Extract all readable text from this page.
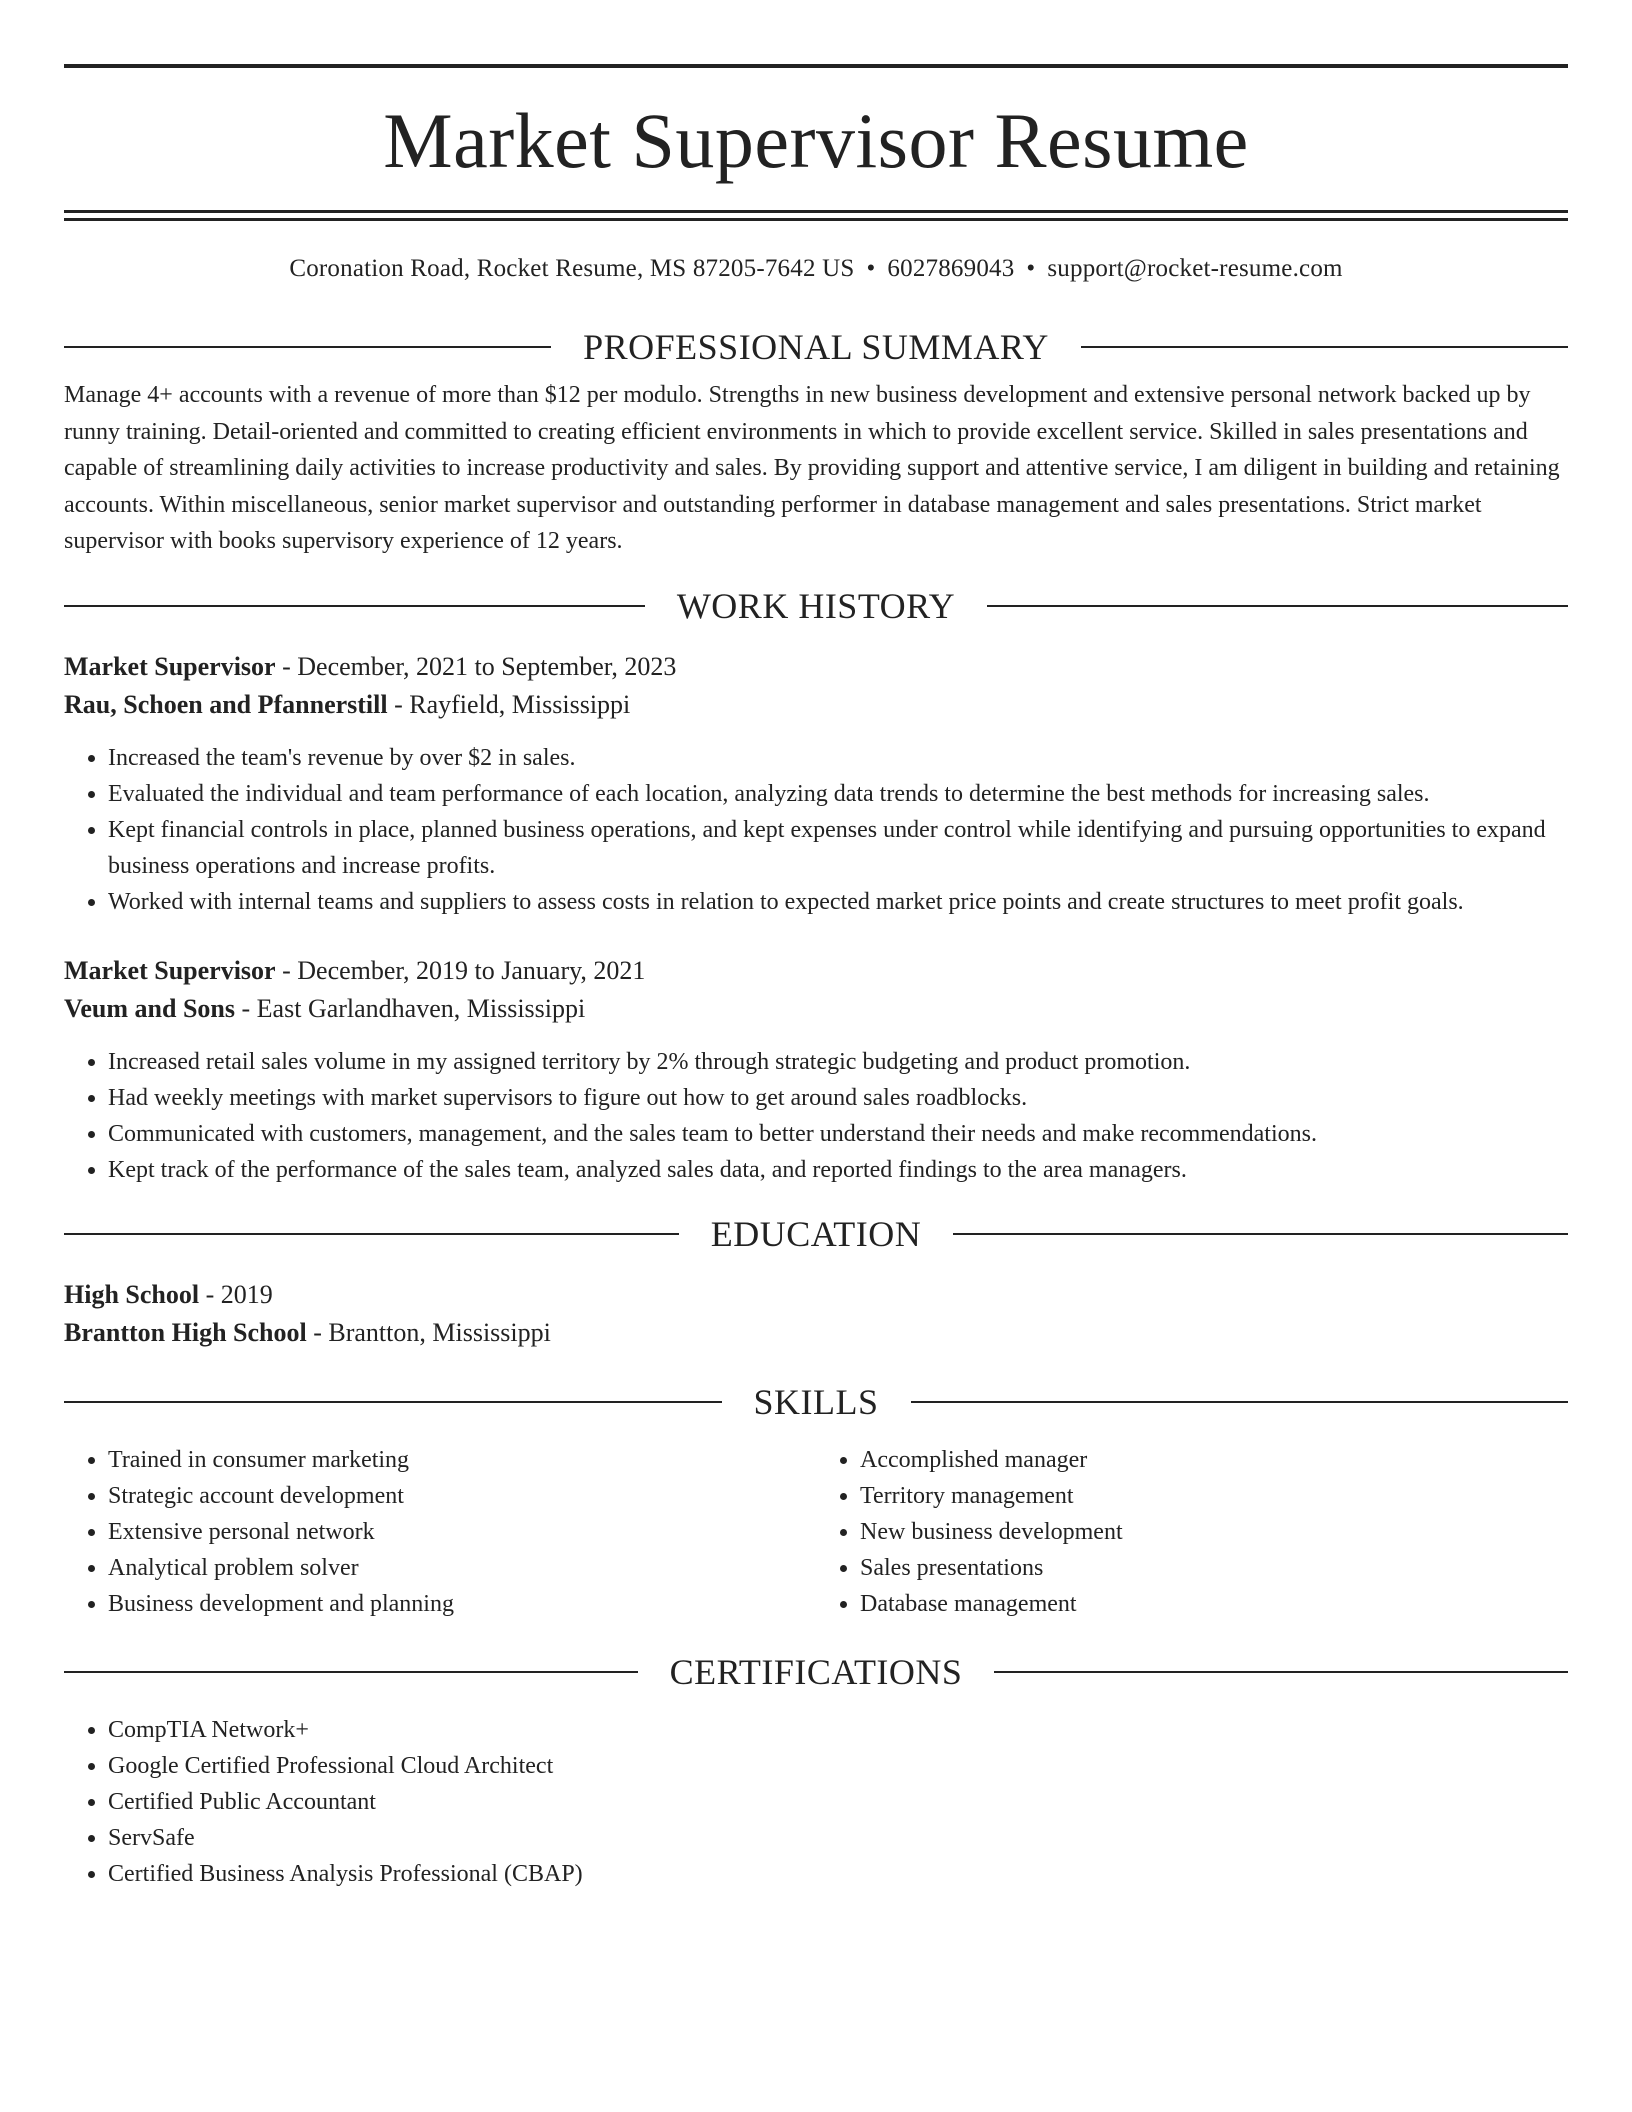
Market Supervisor Resume
Coronation Road, Rocket Resume, MS 87205-7642 US • 6027869043 • support@rocket-resume.com
PROFESSIONAL SUMMARY

Manage 4+ accounts with a revenue of more than $12 per modulo. Strengths in new business development and extensive personal network backed up by runny training. Detail-oriented and committed to creating efficient environments in which to provide excellent service. Skilled in sales presentations and capable of streamlining daily activities to increase productivity and sales. By providing support and attentive service, I am diligent in building and retaining accounts. Within miscellaneous, senior market supervisor and outstanding performer in database management and sales presentations. Strict market supervisor with books supervisory experience of 12 years.

WORK HISTORY
Market Supervisor - December, 2021 to September, 2023
Rau, Schoen and Pfannerstill - Rayfield, Mississippi
• Increased the team's revenue by over $2 in sales.
• Evaluated the individual and team performance of each location, analyzing data trends to determine the best methods for increasing sales.
• Kept financial controls in place, planned business operations, and kept expenses under control while identifying and pursuing opportunities to expand business operations and increase profits.
• Worked with internal teams and suppliers to assess costs in relation to expected market price points and create structures to meet profit goals.
Market Supervisor - December, 2019 to January, 2021
Veum and Sons - East Garlandhaven, Mississippi
• Increased retail sales volume in my assigned territory by 2% through strategic budgeting and product promotion.
• Had weekly meetings with market supervisors to figure out how to get around sales roadblocks.
• Communicated with customers, management, and the sales team to better understand their needs and make recommendations.
• Kept track of the performance of the sales team, analyzed sales data, and reported findings to the area managers.
EDUCATION
High School - 2019
Brantton High School - Brantton, Mississippi
SKILLS
• Trained in consumer marketing
• Strategic account development
• Extensive personal network
• Analytical problem solver
• Business development and planning
• Accomplished manager
• Territory management
• New business development
• Sales presentations
• Database management
CERTIFICATIONS
• CompTIA Network+
• Google Certified Professional Cloud Architect
• Certified Public Accountant
• ServSafe
• Certified Business Analysis Professional (CBAP)
